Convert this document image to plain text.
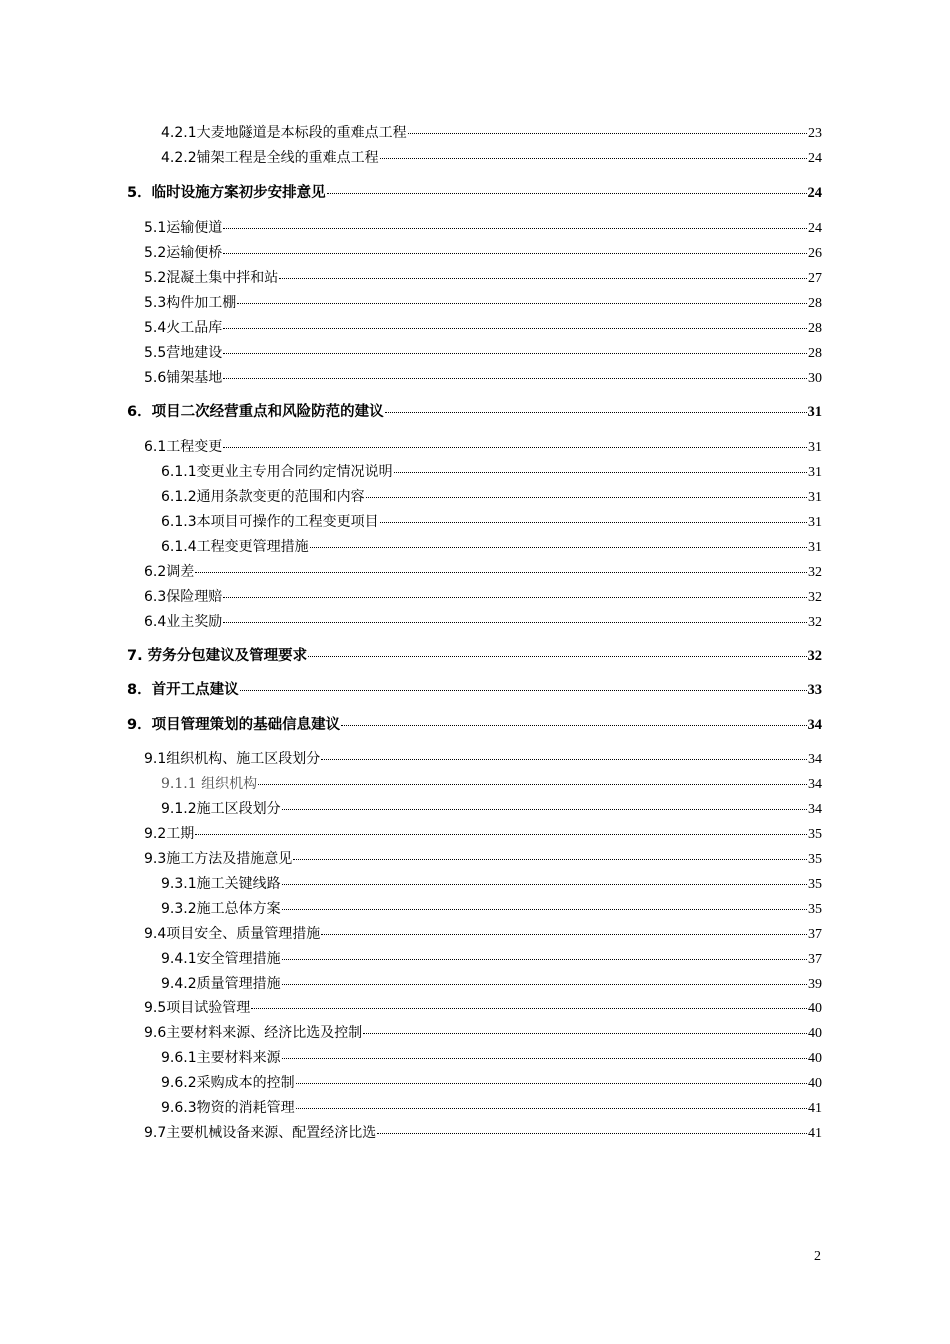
4.2.1大麦地隧道是本标段的重难点工程	23
4.2.2铺架工程是全线的重难点工程	24
5．临时设施方案初步安排意见	24
5.1运输便道	24
5.2运输便桥	26
5.2混凝土集中拌和站	27
5.3构件加工棚	28
5.4火工品库	28
5.5营地建设	28
5.6铺架基地	30
6．项目二次经营重点和风险防范的建议	31
6.1工程变更	31
6.1.1变更业主专用合同约定情况说明	31
6.1.2通用条款变更的范围和内容	31
6.1.3本项目可操作的工程变更项目	31
6.1.4工程变更管理措施	31
6.2调差	32
6.3保险理赔	32
6.4业主奖励	32
7. 劳务分包建议及管理要求	32
8．首开工点建议	33
9．项目管理策划的基础信息建议	34
9.1组织机构、施工区段划分	34
9.1.1 组织机构	34
9.1.2施工区段划分	34
9.2工期	35
9.3施工方法及措施意见	35
9.3.1施工关键线路	35
9.3.2施工总体方案	35
9.4项目安全、质量管理措施	37
9.4.1安全管理措施	37
9.4.2质量管理措施	39
9.5项目试验管理	40
9.6主要材料来源、经济比选及控制	40
9.6.1主要材料来源	40
9.6.2采购成本的控制	40
9.6.3物资的消耗管理	41
9.7主要机械设备来源、配置经济比选	41
2
